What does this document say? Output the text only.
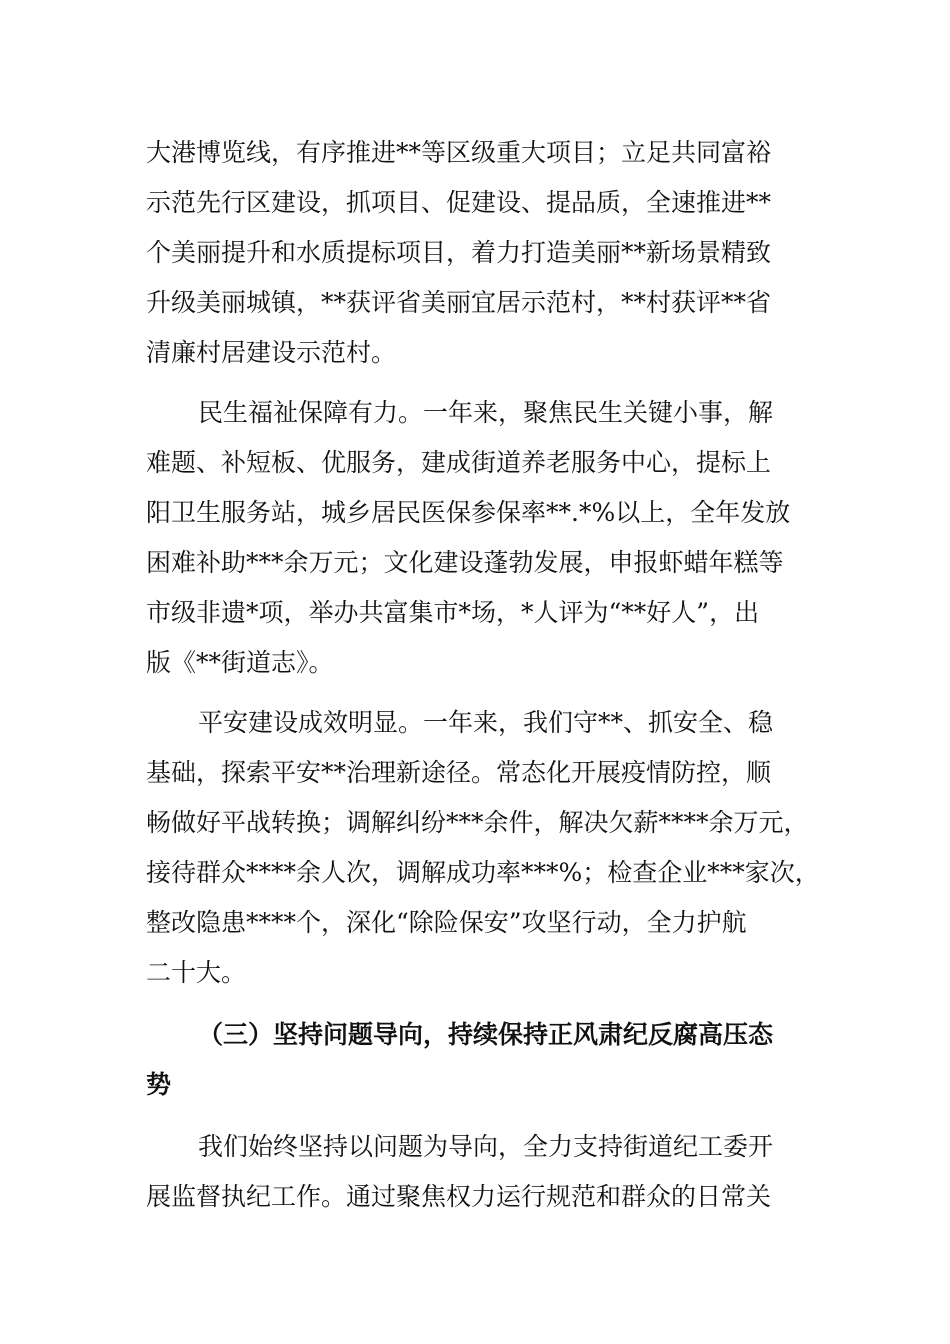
大港博览线，有序推进**等区级重大项目；立足共同富裕
示范先行区建设，抓项目、促建设、提品质，全速推进**
个美丽提升和水质提标项目，着力打造美丽**新场景精致
升级美丽城镇，**获评省美丽宜居示范村，**村获评**省
清廉村居建设示范村。
民生福祉保障有力。一年来，聚焦民生关键小事，解
难题、补短板、优服务，建成街道养老服务中心，提标上
阳卫生服务站，城乡居民医保参保率**.*%以上，全年发放
困难补助***余万元；文化建设蓬勃发展，申报虾蜡年糕等
市级非遗*项，举办共富集市*场，*人评为“**好人”，出
版《**街道志》。
平安建设成效明显。一年来，我们守**、抓安全、稳
基础，探索平安**治理新途径。常态化开展疫情防控，顺
畅做好平战转换；调解纠纷***余件，解决欠薪****余万元，
接待群众****余人次，调解成功率***%；检查企业***家次，
整改隐患****个，深化“除险保安”攻坚行动，全力护航
二十大。
（三）坚持问题导向，持续保持正风肃纪反腐高压态
势
我们始终坚持以问题为导向，全力支持街道纪工委开
展监督执纪工作。通过聚焦权力运行规范和群众的日常关
